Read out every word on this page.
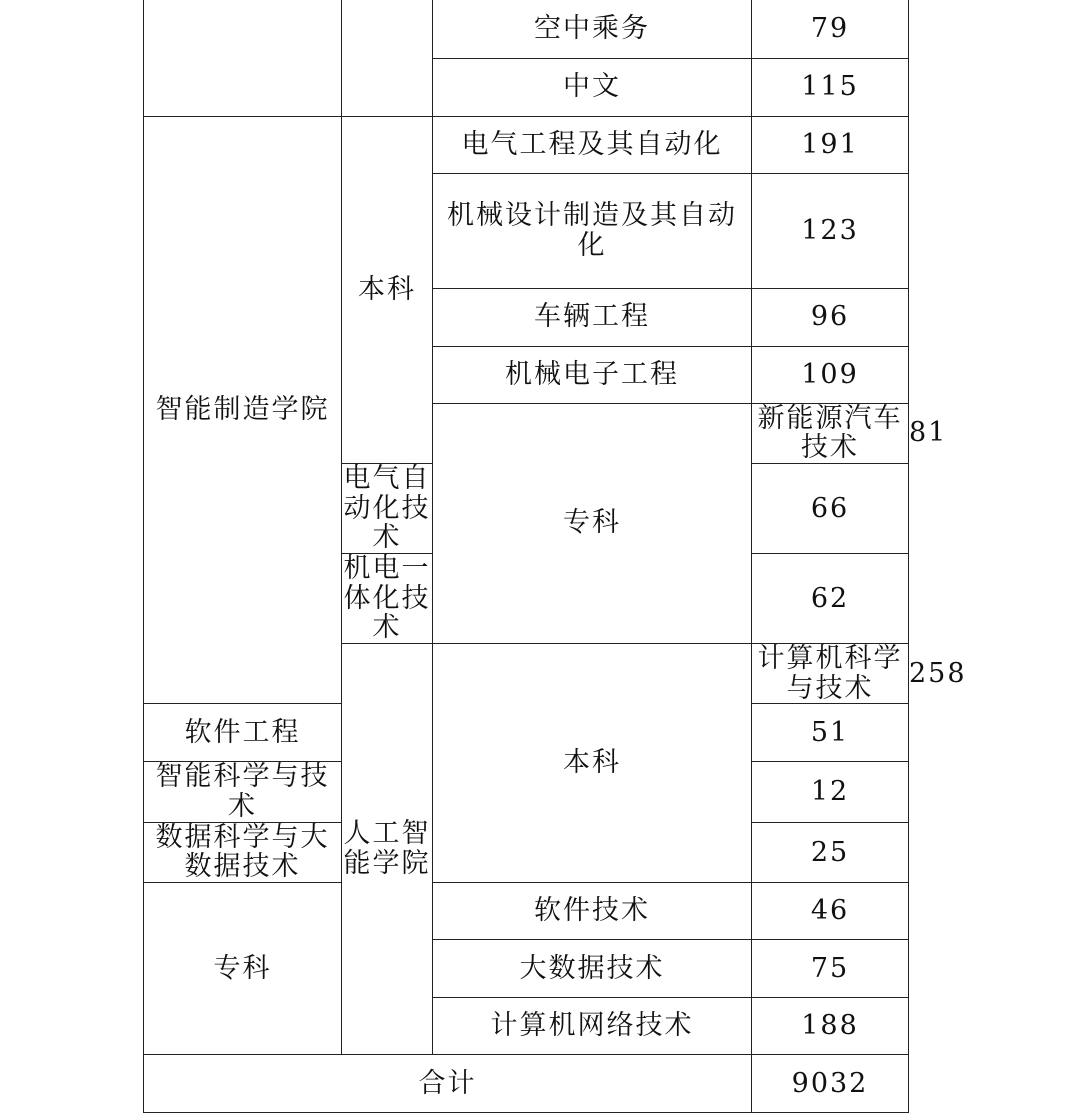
		空中乘务	79	
		中文	115	
智能制造学院	本科	电气工程及其自动化	191	
		机械设计制造及其自动化	123	
		车辆工程	96	
		机械电子工程	109	
		专科	新能源汽车技术	81
	电气自动化技术		66	
	机电一体化技术		62	
	人工智能学院	本科	计算机科学与技术	258
软件工程			51	
智能科学与技术			12	
数据科学与大数据技术			25	
专科		软件技术	46	
		大数据技术	75	
		计算机网络技术	188	
合计			9032	
